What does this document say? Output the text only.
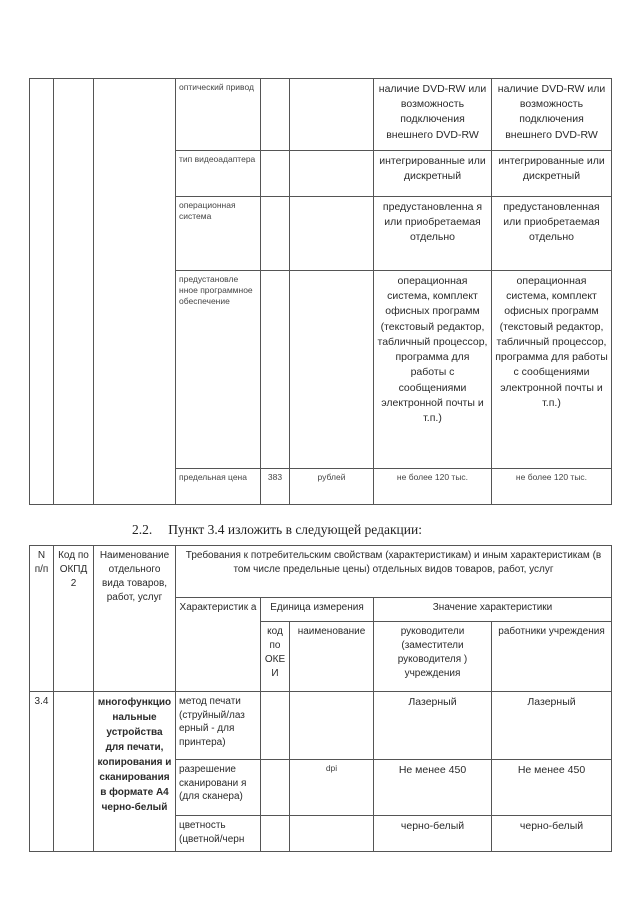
			оптический привод			наличие DVD-RW или возможность подключения внешнего DVD-RW	наличие DVD-RW или возможность подключения внешнего DVD-RW
			тип видеоадаптера			интегрированные или дискретный	интегрированные или дискретный
			операционная система			предустановленна я или приобретаемая отдельно	предустановленная или приобретаемая отдельно
			предустановле нное программное обеспечение			операционная система, комплект офисных программ (текстовый редактор, табличный процессор, программа для работы с сообщениями электронной почты и т.п.)	операционная система, комплект офисных программ (текстовый редактор, табличный процессор, программа для работы с сообщениями электронной почты и т.п.)
			предельная цена	383	рублей	не более 120 тыс.	не более 120 тыс.
2.2. Пункт 3.4 изложить в следующей редакции:
N п/п	Код по ОКПД 2	Наименование отдельного вида товаров, работ, услуг	Требования к потребительским свойствам (характеристикам) и иным характеристикам (в том числе предельные цены) отдельных видов товаров, работ, услуг				
			Характеристик а	Единица измерения		Значение характеристики	
				код по ОКЕ И	наименование	руководители (заместители руководителя ) учреждения	работники учреждения
3.4		многофункцио нальные устройства для печати, копирования и сканирования в формате А4 черно-белый	метод печати (струйный/лаз ерный - для принтера)			Лазерный	Лазерный
			разрешение сканировани я (для сканера)		dpi	Не менее 450	Не менее 450
			цветность (цветной/черн			черно-белый	черно-белый
